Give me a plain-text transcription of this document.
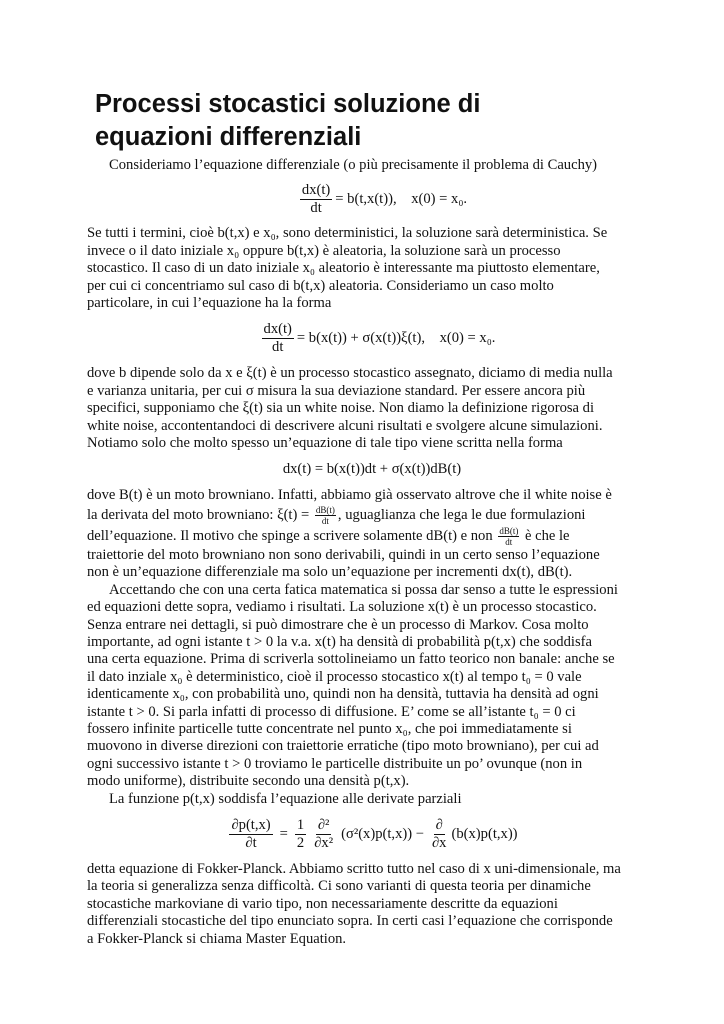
Processi stocastici soluzione di
equazioni differenziali

Consideriamo l’equazione differenziale (o più precisamente il problema di Cauchy)

$\frac{dx(t)}{dt} = b(t,x(t))$,    x(0) = x₀.
Se tutti i termini, cioè b(t,x) e x₀, sono deterministici, la soluzione sarà deterministica. Se
invece o il dato iniziale x₀ oppure b(t,x) è aleatoria, la soluzione sarà un processo
stocastico. Il caso di un dato iniziale x₀ aleatorio è interessante ma piuttosto elementare,
per cui ci concentriamo sul caso di b(t,x) aleatoria. Consideriamo un caso molto
particolare, in cui l’equazione ha la forma
$\frac{dx(t)}{dt} = b(x(t)) + \sigma(x(t))\xi(t)$,    x(0) = x₀.
dove b dipende solo da x e ξ(t) è un processo stocastico assegnato, diciamo di media nulla
e varianza unitaria, per cui σ misura la sua deviazione standard. Per essere ancora più
specifici, supponiamo che ξ(t) sia un white noise. Non diamo la definizione rigorosa di
white noise, accontentandoci di descrivere alcuni risultati e svolgere alcune simulazioni.
Notiamo solo che molto spesso un’equazione di tale tipo viene scritta nella forma
dx(t) = b(x(t))dt + σ(x(t))dB(t)
dove B(t) è un moto browniano. Infatti, abbiamo già osservato altrove che il white noise è
la derivata del moto browniano: $\xi(t) = \frac{dB(t)}{dt}$ , uguaglianza che lega le due formulazioni
dell’equazione. Il motivo che spinge a scrivere solamente dB(t) e non $\frac{dB(t)}{dt}$ è che le
traiettorie del moto browniano non sono derivabili, quindi in un certo senso l’equazione
non è un’equazione differenziale ma solo un’equazione per incrementi dx(t), dB(t).
Accettando che con una certa fatica matematica si possa dar senso a tutte le espressioni
ed equazioni dette sopra, vediamo i risultati. La soluzione x(t) è un processo stocastico.
Senza entrare nei dettagli, si può dimostrare che è un processo di Markov. Cosa molto
importante, ad ogni istante t > 0 la v.a. x(t) ha densità di probabilità p(t,x) che soddisfa
una certa equazione. Prima di scriverla sottolineiamo un fatto teorico non banale: anche se
il dato inziale x₀ è deterministico, cioè il processo stocastico x(t) al tempo t₀ = 0 vale
identicamente x₀, con probabilità uno, quindi non ha densità, tuttavia ha densità ad ogni
istante t > 0. Si parla infatti di processo di diffusione. E’ come se all’istante t₀ = 0 ci
fossero infinite particelle tutte concentrate nel punto x₀, che poi immediatamente si
muovono in diverse direzioni con traiettorie erratiche (tipo moto browniano), per cui ad
ogni successivo istante t > 0 troviamo le particelle distribuite un po’ ovunque (non in
modo uniforme), distribuite secondo una densità p(t,x).

La funzione p(t,x) soddisfa l’equazione alle derivate parziali

$\frac{\partial p(t,x)}{\partial t} = \frac{1}{2} \frac{\text{∂²}}{\text{∂x²}} (\sigma^2(x)p(t,x)) - \frac{\partial}{\partial x} (b(x)p(t,x))$
detta equazione di Fokker-Planck. Abbiamo scritto tutto nel caso di x uni-dimensionale, ma
la teoria si generalizza senza difficoltà. Ci sono varianti di questa teoria per dinamiche
stocastiche markoviane di vario tipo, non necessariamente descritte da equazioni
differenziali stocastiche del tipo enunciato sopra. In certi casi l’equazione che corrisponde
a Fokker-Planck si chiama Master Equation.
